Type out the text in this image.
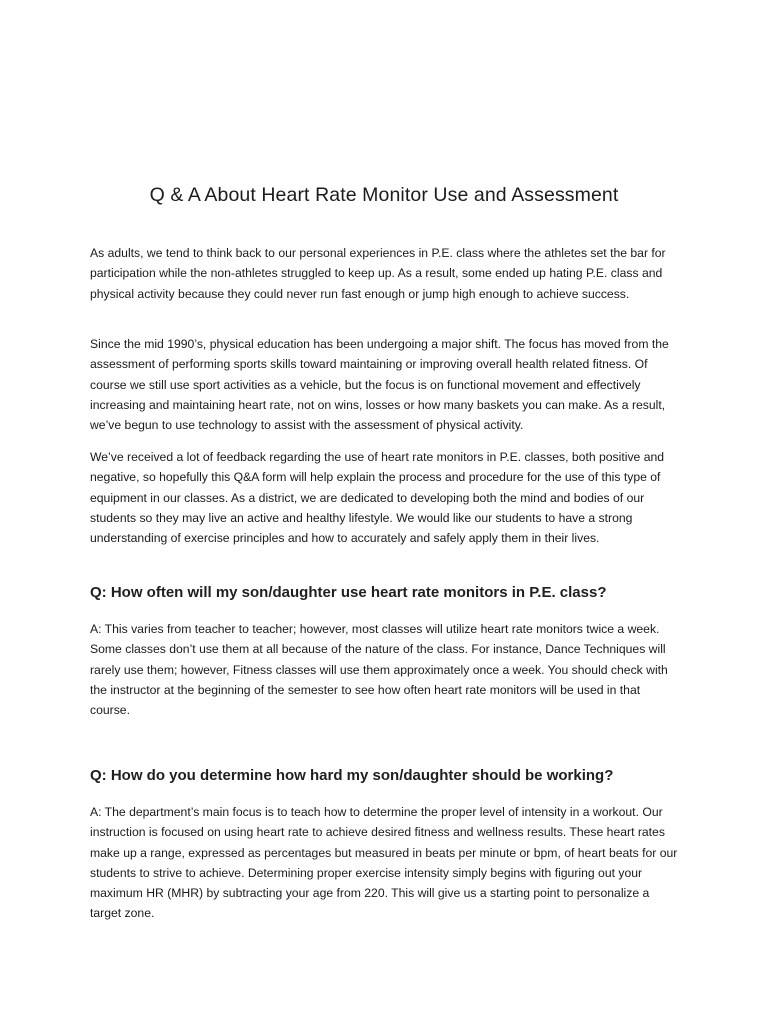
Q & A About Heart Rate Monitor Use and Assessment

As adults, we tend to think back to our personal experiences in P.E. class where the athletes set the bar for participation while the non-athletes struggled to keep up. As a result, some ended up hating P.E. class and physical activity because they could never run fast enough or jump high enough to achieve success.

Since the mid 1990’s, physical education has been undergoing a major shift. The focus has moved from the assessment of performing sports skills toward maintaining or improving overall health related fitness. Of course we still use sport activities as a vehicle, but the focus is on functional movement and effectively increasing and maintaining heart rate, not on wins, losses or how many baskets you can make. As a result, we’ve begun to use technology to assist with the assessment of physical activity.

We’ve received a lot of feedback regarding the use of heart rate monitors in P.E. classes, both positive and negative, so hopefully this Q&A form will help explain the process and procedure for the use of this type of equipment in our classes. As a district, we are dedicated to developing both the mind and bodies of our students so they may live an active and healthy lifestyle. We would like our students to have a strong understanding of exercise principles and how to accurately and safely apply them in their lives.

Q: How often will my son/daughter use heart rate monitors in P.E. class?

A: This varies from teacher to teacher; however, most classes will utilize heart rate monitors twice a week. Some classes don’t use them at all because of the nature of the class. For instance, Dance Techniques will rarely use them; however, Fitness classes will use them approximately once a week. You should check with the instructor at the beginning of the semester to see how often heart rate monitors will be used in that course.

Q: How do you determine how hard my son/daughter should be working?

A: The department’s main focus is to teach how to determine the proper level of intensity in a workout. Our instruction is focused on using heart rate to achieve desired fitness and wellness results. These heart rates make up a range, expressed as percentages but measured in beats per minute or bpm, of heart beats for our students to strive to achieve. Determining proper exercise intensity simply begins with figuring out your maximum HR (MHR) by subtracting your age from 220. This will give us a starting point to personalize a target zone.
